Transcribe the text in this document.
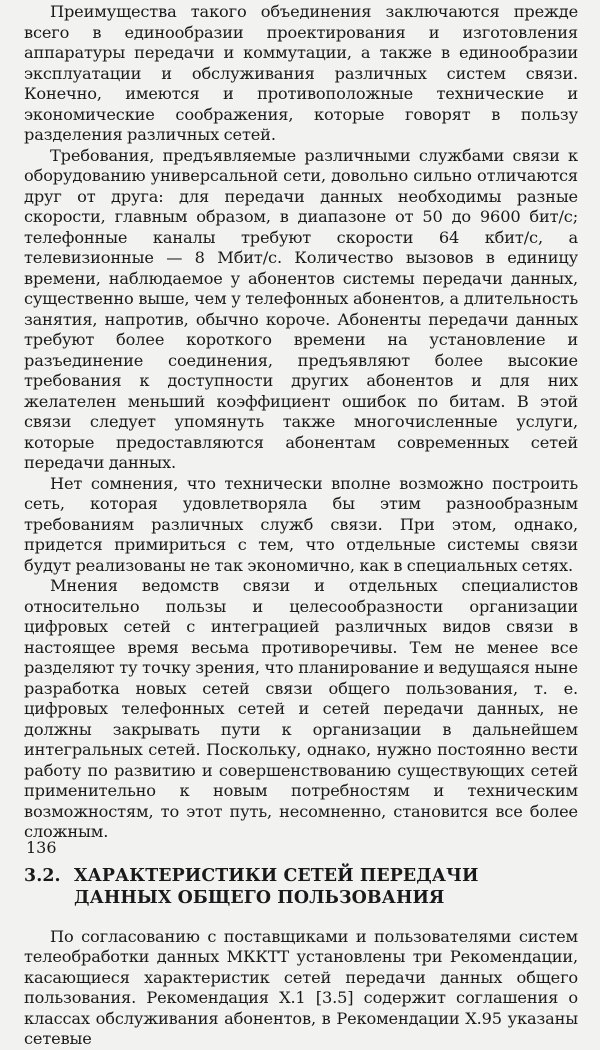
Преимущества такого объединения заключаются прежде всего в единообразии проектирования и изготовления аппаратуры передачи и коммутации, а также в единообразии эксплуатации и обслуживания различных систем связи. Конечно, имеются и противоположные технические и экономические соображения, которые говорят в пользу разделения различных сетей.

Требования, предъявляемые различными службами связи к оборудованию универсальной сети, довольно сильно отличаются друг от друга: для передачи данных необходимы разные скорости, главным образом, в диапазоне от 50 до 9600 бит/с; телефонные каналы требуют скорости 64 кбит/с, а телевизионные — 8 Мбит/с. Количество вызовов в единицу времени, наблюдаемое у абонентов системы передачи данных, существенно выше, чем у телефонных абонентов, а длительность занятия, напротив, обычно короче. Абоненты передачи данных требуют более короткого времени на установление и разъединение соединения, предъявляют более высокие требования к доступности других абонентов и для них желателен меньший коэффициент ошибок по битам. В этой связи следует упомянуть также многочисленные услуги, которые предоставляются абонентам современных сетей передачи данных.

Нет сомнения, что технически вполне возможно построить сеть, которая удовлетворяла бы этим разнообразным требованиям различных служб связи. При этом, однако, придется примириться с тем, что отдельные системы связи будут реализованы не так экономично, как в специальных сетях.

Мнения ведомств связи и отдельных специалистов относительно пользы и целесообразности организации цифровых сетей с интеграцией различных видов связи в настоящее время весьма противоречивы. Тем не менее все разделяют ту точку зрения, что планирование и ведущаяся ныне разработка новых сетей связи общего пользования, т. е. цифровых телефонных сетей и сетей передачи данных, не должны закрывать пути к организации в дальнейшем интегральных сетей. Поскольку, однако, нужно постоянно вести работу по развитию и совершенствованию существующих сетей применительно к новым потребностям и техническим возможностям, то этот путь, несомненно, становится все более сложным.

3.2. ХАРАКТЕРИСТИКИ СЕТЕЙ ПЕРЕДАЧИ ДАННЫХ ОБЩЕГО ПОЛЬЗОВАНИЯ

По согласованию с поставщиками и пользователями систем телеобработки данных МККТТ установлены три Рекомендации, касающиеся характеристик сетей передачи данных общего пользования. Рекомендация X.1 [3.5] содержит соглашения о классах обслуживания абонентов, в Рекомендации X.95 указаны сетевые

136
